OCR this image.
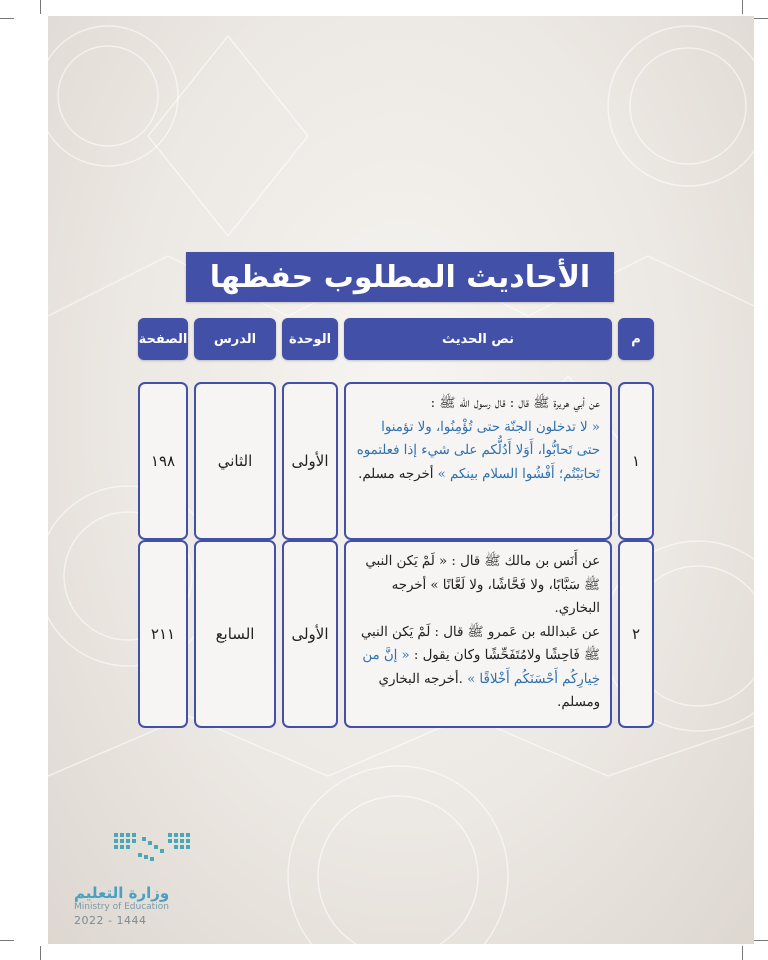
الأحاديث المطلوب حفظها
م
نص الحديث
الوحدة
الدرس
الصفحة
١
عن أبي هريرة ﷺ قال : قال رسول الله ﷺ :
« لا تدخلون الجنّة حتى تُؤْمِنُوا، ولا تؤمنوا حتى تَحابُّوا، أَوَلا أَدُلُّكم على شيء إذا فعلتموه تَحابَبْتُم؛ أَفْشُوا السلام بينكم » أخرجه مسلم.
الأولى
الثاني
١٩٨
٢
عن أَنَس بن مالك ﷺ قال : « لَمْ يَكن النبي ﷺ سَبَّابًا، ولا فَحَّاشًا، ولا لَعَّانًا » أخرجه البخاري.
عن عَبدالله بن عَمرو ﷺ قال : لَمْ يَكن النبي ﷺ فَاحِشًا ولامُتَفَحِّشًا وكان يقول : « إنَّ من خِيارِكُم أَحْسَنَكُم أَخْلاقًا » .أخرجه البخاري ومسلم.
الأولى
السابع
٢١١
وزارة التعليم
Ministry of Education
2022 - 1444
